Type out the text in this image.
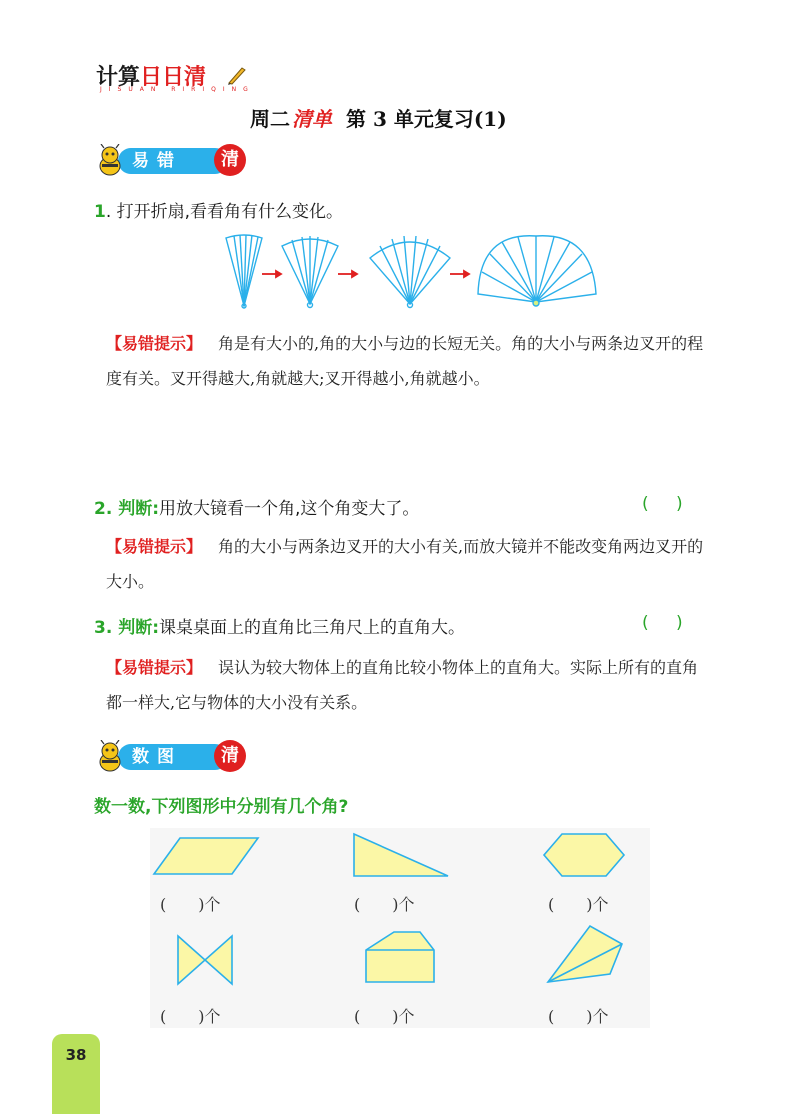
计算日日清
JISUAN RIRIQING
周二 清单 第 3 单元复习(1)
易错	清
1. 打开折扇,看看角有什么变化。
【易错提示】 角是有大小的,角的大小与边的长短无关。角的大小与两条边叉开的程度有关。叉开得越大,角就越大;叉开得越小,角就越小。
2. 判断:用放大镜看一个角,这个角变大了。	( )
【易错提示】 角的大小与两条边叉开的大小有关,而放大镜并不能改变角两边叉开的大小。
3. 判断:课桌桌面上的直角比三角尺上的直角大。	( )
【易错提示】 误认为较大物体上的直角比较小物体上的直角大。实际上所有的直角都一样大,它与物体的大小没有关系。
数图	清
数一数,下列图形中分别有几个角?
(　　)个	(　　)个	(　　)个
(　　)个	(　　)个	(　　)个
38
